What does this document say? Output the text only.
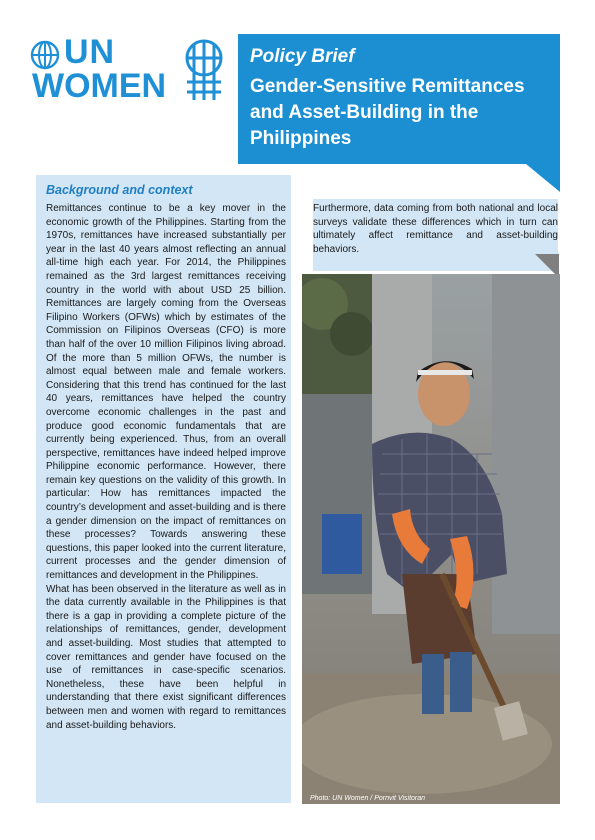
UN
WOMEN
Policy Brief
Gender-Sensitive Remittances and Asset-Building in the Philippines
Background and context

Remittances continue to be a key mover in the economic growth of the Philippines. Starting from the 1970s, remittances have increased substantially per year in the last 40 years almost reflecting an annual all-time high each year. For 2014, the Philippines remained as the 3rd largest remittances receiving country in the world with about USD 25 billion. Remittances are largely coming from the Overseas Filipino Workers (OFWs) which by estimates of the Commission on Filipinos Overseas (CFO) is more than half of the over 10 million Filipinos living abroad. Of the more than 5 million OFWs, the number is almost equal between male and female workers. Considering that this trend has continued for the last 40 years, remittances have helped the country overcome economic challenges in the past and produce good economic fundamentals that are currently being experienced. Thus, from an overall perspective, remittances have indeed helped improve Philippine economic performance. However, there remain key questions on the validity of this growth. In particular: How has remittances impacted the country’s development and asset-building and is there a gender dimension on the impact of remittances on these processes? Towards answering these questions, this paper looked into the current literature, current processes and the gender dimension of remittances and development in the Philippines.

What has been observed in the literature as well as in the data currently available in the Philippines is that there is a gap in providing a complete picture of the relationships of remittances, gender, development and asset-building. Most studies that attempted to cover remittances and gender have focused on the use of remittances in case-specific scenarios. Nonetheless, these have been helpful in understanding that there exist significant differences between men and women with regard to remittances and asset-building behaviors.

Furthermore, data coming from both national and local surveys validate these differences which in turn can ultimately affect remittance and asset-building behaviors.
Photo: UN Women / Pornvit Visitoran
